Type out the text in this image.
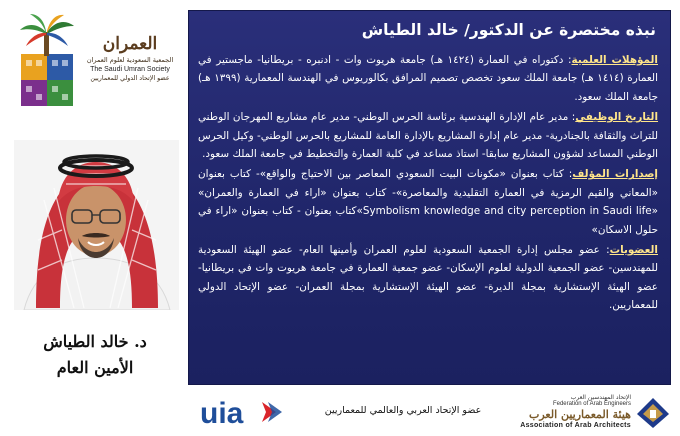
العمران
الجمعية السعودية لعلوم العمران
The Saudi Umran Society
عضو الإتحاد الدولي للمعماريين
د. خالد الطياش
الأمين العام
نبذه مختصرة عن الدكتور/ خالد الطياش

المؤهلات العلمية: دكتوراه في العمارة (١٤٢٤ هـ) جامعة هريوت وات - ادنبره - بريطانيا- ماجستير في العمارة (١٤١٤ هـ) جامعة الملك سعود تخصص تصميم المرافق بكالوريوس في الهندسة المعمارية (١٣٩٩ هـ) جامعة الملك سعود.

التاريخ الوظيفي: مدير عام الإدارة الهندسية برئاسة الحرس الوطني- مدير عام مشاريع المهرجان الوطني للتراث والثقافة بالجنادرية- مدير عام إدارة المشاريع بالإدارة العامة للمشاريع بالحرس الوطني- وكيل الحرس الوطني المساعد لشؤون المشاريع سابقا- استاذ مساعد في كلية العمارة والتخطيط في جامعة الملك سعود.

إصدارات المؤلف: كتاب بعنوان «مكونات البيت السعودي المعاصر بين الاحتياج والواقع»- كتاب بعنوان «المعاني والقيم الرمزية في العمارة التقليدية والمعاصرة»- كتاب بعنوان «اراء في العمارة والعمران» «Symbolism knowledge and city perception in Saudi life»كتاب بعنوان - كتاب بعنوان «اراء في حلول الاسكان»

العضويات: عضو مجلس إدارة الجمعية السعودية لعلوم العمران وأمينها العام- عضو الهيئة السعودية للمهندسين- عضو الجمعية الدولية لعلوم الإسكان- عضو جمعية العمارة في جامعة هريوت وات في بريطانيا- عضو الهيئة الإستشارية بمجلة الديرة- عضو الهيئة الإستشارية بمجلة العمران- عضو الإتحاد الدولي للمعماريين.

uia	عضو الإتحاد العربي والعالمي للمعماريين
الإتحاد المهندسين العرب
Federation of Arab Engineers
هيئة المعماريين العرب
Association of Arab Architects
